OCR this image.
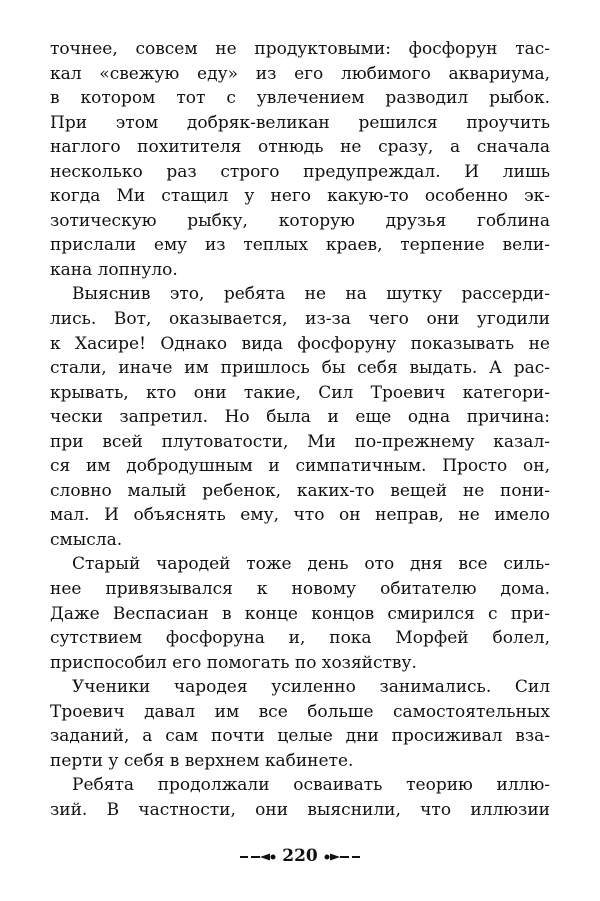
точнее, совсем не продуктовыми: фосфорун тас-
кал «свежую еду» из его любимого аквариума,
в котором тот с увлечением разводил рыбок.
При этом добряк-великан решился проучить
наглого похитителя отнюдь не сразу, а сначала
несколько раз строго предупреждал. И лишь
когда Ми стащил у него какую-то особенно эк-
зотическую рыбку, которую друзья гоблина
прислали ему из теплых краев, терпение вели-
кана лопнуло.
Выяснив это, ребята не на шутку рассерди-
лись. Вот, оказывается, из-за чего они угодили
к Хасире! Однако вида фосфоруну показывать не
стали, иначе им пришлось бы себя выдать. А рас-
крывать, кто они такие, Сил Троевич категори-
чески запретил. Но была и еще одна причина:
при всей плутоватости, Ми по-прежнему казал-
ся им добродушным и симпатичным. Просто он,
словно малый ребенок, каких-то вещей не пони-
мал. И объяснять ему, что он неправ, не имело
смысла.
Старый чародей тоже день ото дня все силь-
нее привязывался к новому обитателю дома.
Даже Веспасиан в конце концов смирился с при-
сутствием фосфоруна и, пока Морфей болел,
приспособил его помогать по хозяйству.
Ученики чародея усиленно занимались. Сил
Троевич давал им все больше самостоятельных
заданий, а сам почти целые дни просиживал взa-
перти у себя в верхнем кабинете.
Ребята продолжали осваивать теорию иллю-
зий. В частности, они выяснили, что иллюзии
220
